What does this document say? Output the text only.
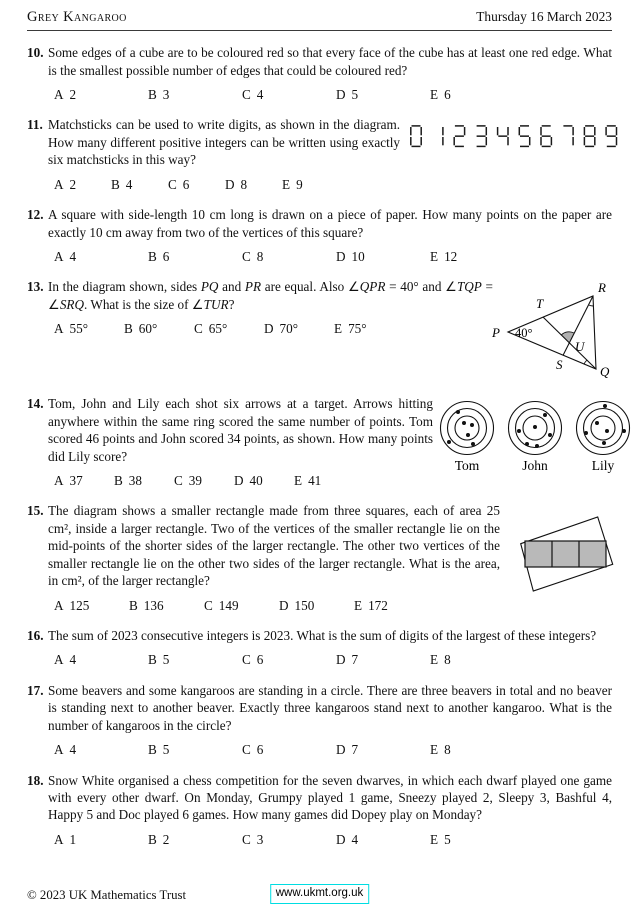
Grey Kangaroo	Thursday 16 March 2023
10. Some edges of a cube are to be coloured red so that every face of the cube has at least one red edge. What is the smallest possible number of edges that could be coloured red?
A 2	B 3	C 4	D 5	E 6
11. Matchsticks can be used to write digits, as shown in the diagram. How many different positive integers can be written using exactly six matchsticks in this way?
A 2	B 4	C 6	D 8	E 9
12. A square with side-length 10 cm long is drawn on a piece of paper. How many points on the paper are exactly 10 cm away from two of the vertices of this square?
A 4	B 6	C 8	D 10	E 12
13. In the diagram shown, sides PQ and PR are equal. Also ∠QPR = 40° and ∠TQP = ∠SRQ. What is the size of ∠TUR?
A 55°	B 60°	C 65°	D 70°	E 75°	P 40°
T
R
U
S	Q
14. Tom, John and Lily each shot six arrows at a target. Arrows hitting anywhere within the same ring scored the same number of points. Tom scored 46 points and John scored 34 points, as shown. How many points did Lily score?
A 37	B 38	C 39	D 40	E 41
Tom	John	Lily
15. The diagram shows a smaller rectangle made from three squares, each of area 25 cm², inside a larger rectangle. Two of the vertices of the smaller rectangle lie on the mid-points of the shorter sides of the larger rectangle. The other two vertices of the smaller rectangle lie on the other two sides of the larger rectangle. What is the area, in cm², of the larger rectangle?
A 125	B 136	C 149	D 150	E 172
16. The sum of 2023 consecutive integers is 2023. What is the sum of digits of the largest of these integers?
A 4	B 5	C 6	D 7	E 8
17. Some beavers and some kangaroos are standing in a circle. There are three beavers in total and no beaver is standing next to another beaver. Exactly three kangaroos stand next to another kangaroo. What is the number of kangaroos in the circle?
A 4	B 5	C 6	D 7	E 8
18. Snow White organised a chess competition for the seven dwarves, in which each dwarf played one game with every other dwarf. On Monday, Grumpy played 1 game, Sneezy played 2, Sleepy 3, Bashful 4, Happy 5 and Doc played 6 games. How many games did Dopey play on Monday?
A 1	B 2	C 3	D 4	E 5
© 2023 UK Mathematics Trust	www.ukmt.org.uk
